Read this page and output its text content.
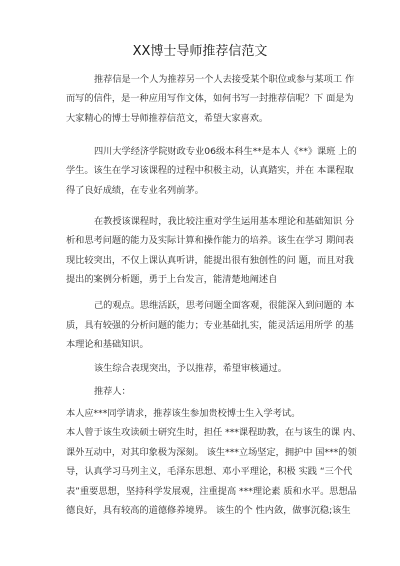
XX博士导师推荐信范文
推荐信是一个人为推荐另一个人去接受某个职位或参与某项工 作
而写的信件，是一种应用写作文体，如何书写一封推荐信呢？下 面是为
大家精心的博士导师推荐信范文，希望大家喜欢。
四川大学经济学院财政专业06级本科生**是本人《**》课班 上的
学生。该生在学习该课程的过程中积极主动，认真踏实，并在 本课程取
得了良好成绩，在专业名列前茅。
在教授该课程时，我比较注重对学生运用基本理论和基础知识 分
析和思考问题的能力及实际计算和操作能力的培养。该生在学习 期间表
现比较突出，不仅上课认真听讲，能提出很有独创性的问 题，而且对我
提出的案例分析题，勇于上台发言，能清楚地阐述自
己的观点。思维活跃，思考问题全面客观，很能深入到问题的 本
质，具有较强的分析问题的能力；专业基础扎实，能灵活运用所学 的基
本理论和基础知识。
该生综合表现突出，予以推荐，希望审核通过。
推荐人：
本人应***同学请求，推荐该生参加贵校博士生入学考试。
本人曾于该生攻读硕士研究生时，担任 ***课程助教，在与该生的课 内、
课外互动中，对其印象极为深刻。 该生***立场坚定，拥护中 国***的领
导，认真学习马列主义，毛泽东思想、邓小平理论，积极 实践 “三个代
表”重要思想，坚持科学发展观，注重提高 ***理论素 质和水平。思想品
德良好，具有较高的道德修养境界。 该生的个 性内敛，做事沉稳;该生
